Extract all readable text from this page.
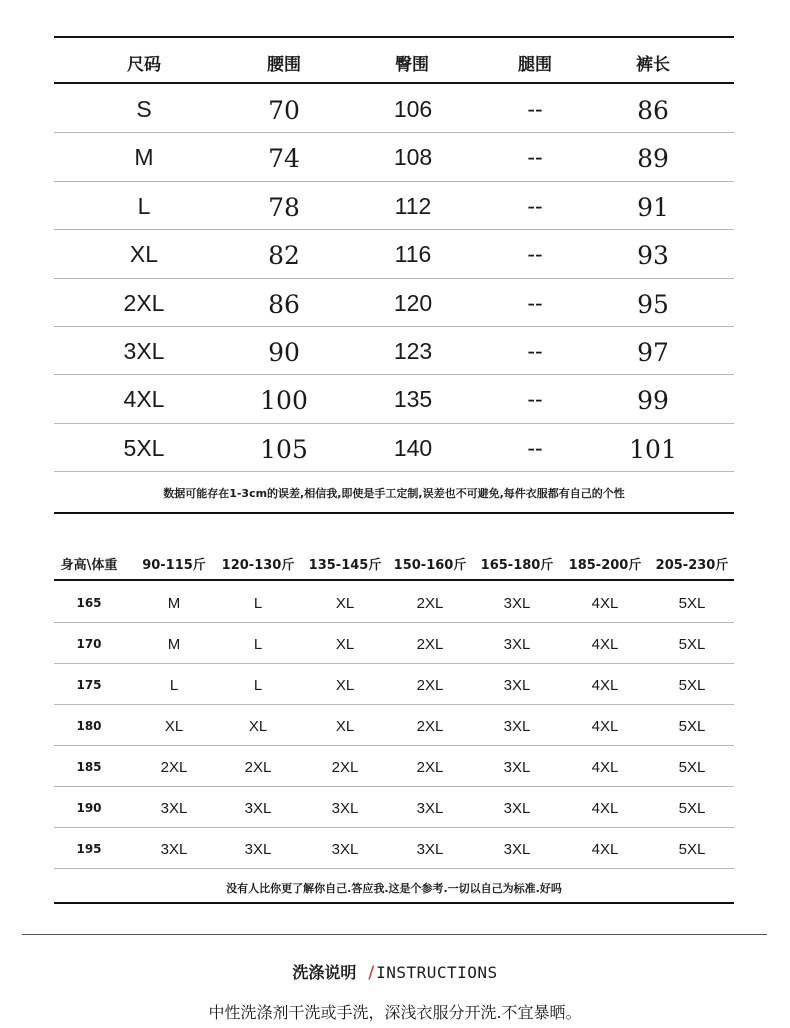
尺码	腰围	臀围	腿围	裤长
S	70	106	--	86
M	74	108	--	89
L	78	112	--	91
XL	82	116	--	93
2XL	86	120	--	95
3XL	90	123	--	97
4XL	100	135	--	99
5XL	105	140	--	101
数据可能存在1-3cm的误差,相信我,即使是手工定制,误差也不可避免,每件衣服都有自己的个性
身高\体重 90-115斤 120-130斤 135-145斤 150-160斤 165-180斤 185-200斤 205-230斤
165	M	L	XL	2XL	3XL	4XL	5XL
170	M	L	XL	2XL	3XL	4XL	5XL
175	L	L	XL	2XL	3XL	4XL	5XL
180	XL	XL	XL	2XL	3XL	4XL	5XL
185	2XL	2XL	2XL	2XL	3XL	4XL	5XL
190	3XL	3XL	3XL	3XL	3XL	4XL	5XL
195	3XL	3XL	3XL	3XL	3XL	4XL	5XL
没有人比你更了解你自己.答应我.这是个参考.一切以自己为标准.好吗
洗涤说明 / INSTRUCTIONS
中性洗涤剂干洗或手洗，深浅衣服分开洗.不宜暴晒。
